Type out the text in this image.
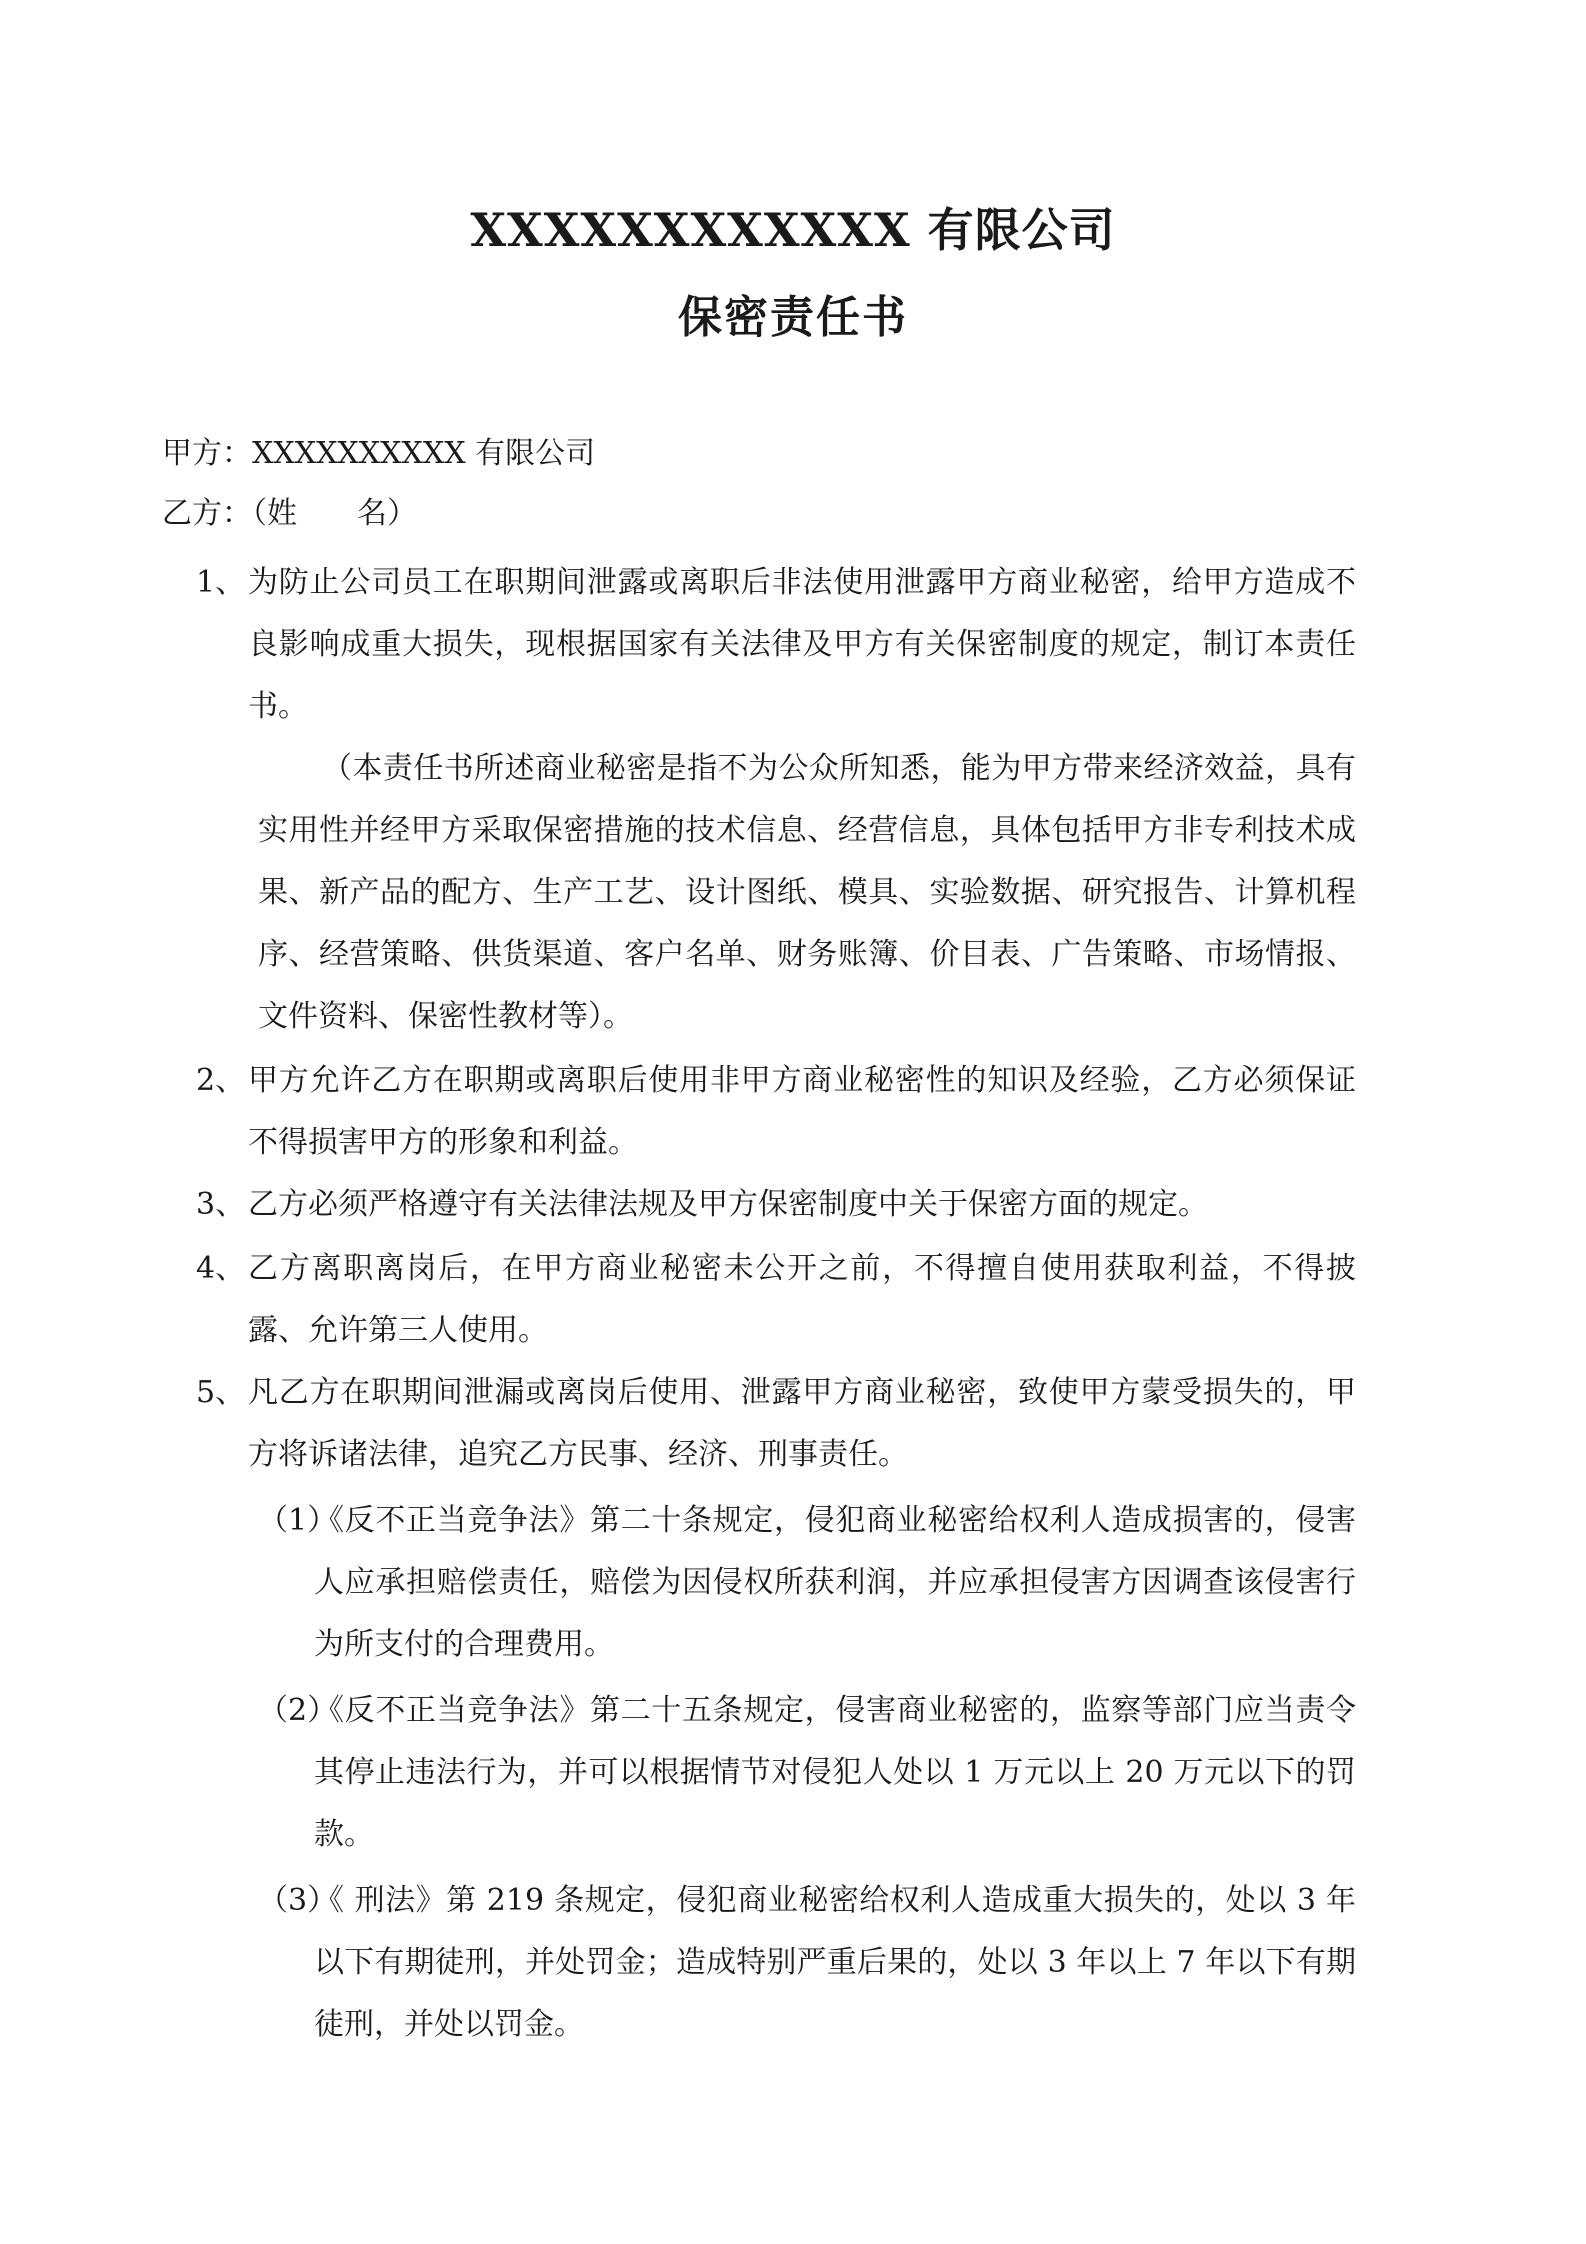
XXXXXXXXXXXX 有限公司
保密责任书
甲方：XXXXXXXXXX 有限公司
乙方：（姓　　名）
1、 为防止公司员工在职期间泄露或离职后非法使用泄露甲方商业秘密，给甲方造成不良影响成重大损失，现根据国家有关法律及甲方有关保密制度的规定，制订本责任书。
（本责任书所述商业秘密是指不为公众所知悉，能为甲方带来经济效益，具有实用性并经甲方采取保密措施的技术信息、经营信息，具体包括甲方非专利技术成果、新产品的配方、生产工艺、设计图纸、模具、实验数据、研究报告、计算机程序、经营策略、供货渠道、客户名单、财务账簿、价目表、广告策略、市场情报、文件资料、保密性教材等）。
2、 甲方允许乙方在职期或离职后使用非甲方商业秘密性的知识及经验，乙方必须保证不得损害甲方的形象和利益。
3、 乙方必须严格遵守有关法律法规及甲方保密制度中关于保密方面的规定。
4、 乙方离职离岗后，在甲方商业秘密未公开之前，不得擅自使用获取利益，不得披露、允许第三人使用。
5、 凡乙方在职期间泄漏或离岗后使用、泄露甲方商业秘密，致使甲方蒙受损失的，甲方将诉诸法律，追究乙方民事、经济、刑事责任。
（1）
《反不正当竞争法》第二十条规定，侵犯商业秘密给权利人造成损害的，侵害人应承担赔偿责任，赔偿为因侵权所获利润，并应承担侵害方因调查该侵害行为所支付的合理费用。
（2）
《反不正当竞争法》第二十五条规定，侵害商业秘密的，监察等部门应当责令其停止违法行为，并可以根据情节对侵犯人处以 1 万元以上 20 万元以下的罚款。
（3）
《 刑法》第 219 条规定，侵犯商业秘密给权利人造成重大损失的，处以 3 年以下有期徒刑，并处罚金；造成特别严重后果的，处以 3 年以上 7 年以下有期徒刑，并处以罚金。
